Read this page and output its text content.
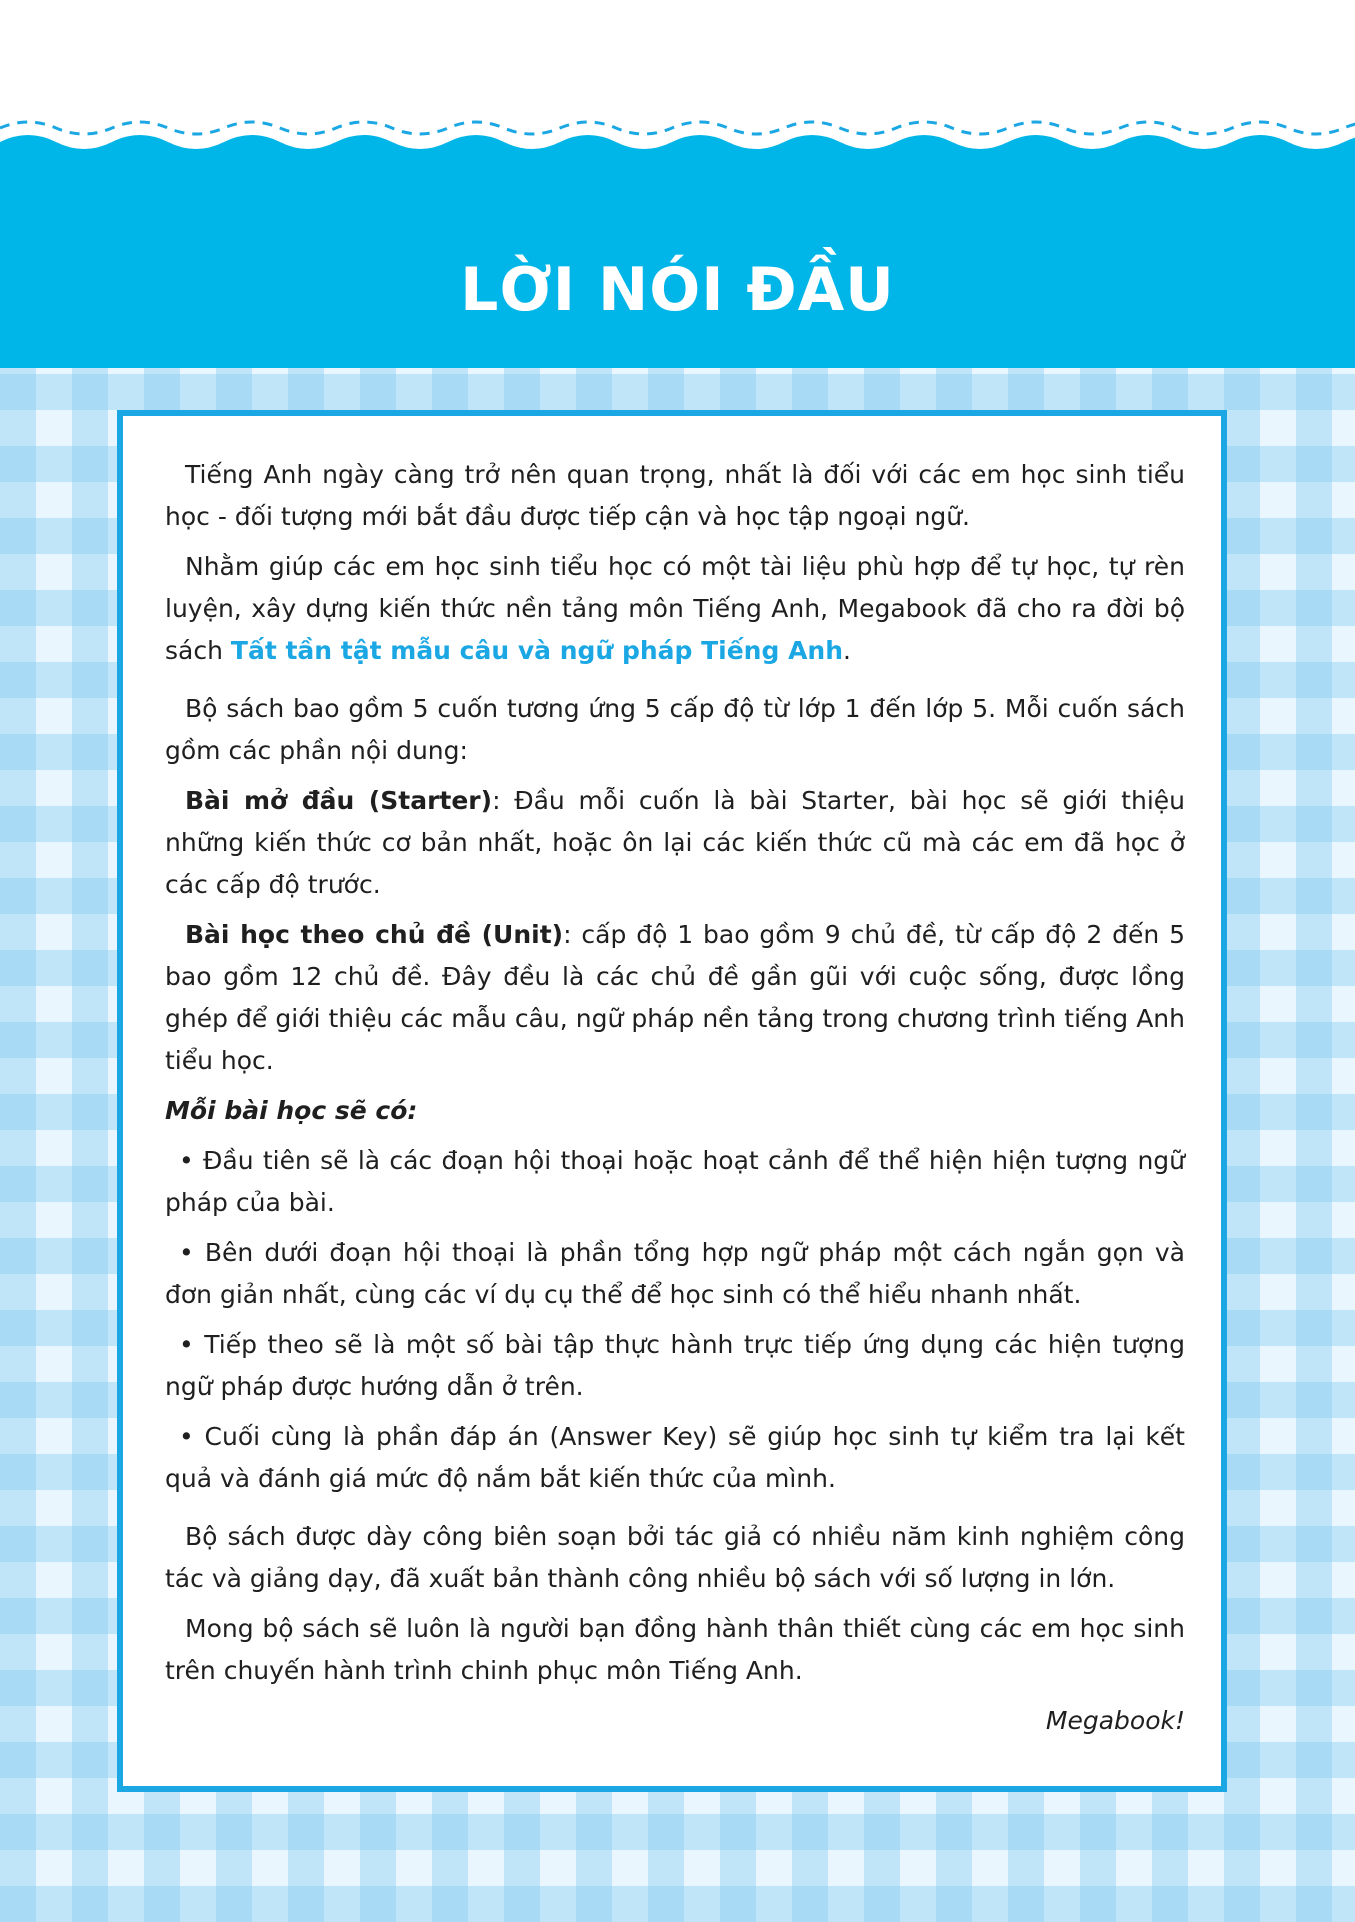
LỜI NÓI ĐẦU

Tiếng Anh ngày càng trở nên quan trọng, nhất là đối với các em học sinh tiểu học - đối tượng mới bắt đầu được tiếp cận và học tập ngoại ngữ.

Nhằm giúp các em học sinh tiểu học có một tài liệu phù hợp để tự học, tự rèn luyện, xây dựng kiến thức nền tảng môn Tiếng Anh, Megabook đã cho ra đời bộ sách Tất tần tật mẫu câu và ngữ pháp Tiếng Anh.

Bộ sách bao gồm 5 cuốn tương ứng 5 cấp độ từ lớp 1 đến lớp 5. Mỗi cuốn sách gồm các phần nội dung:

Bài mở đầu (Starter): Đầu mỗi cuốn là bài Starter, bài học sẽ giới thiệu những kiến thức cơ bản nhất, hoặc ôn lại các kiến thức cũ mà các em đã học ở các cấp độ trước.

Bài học theo chủ đề (Unit): cấp độ 1 bao gồm 9 chủ đề, từ cấp độ 2 đến 5 bao gồm 12 chủ đề. Đây đều là các chủ đề gần gũi với cuộc sống, được lồng ghép để giới thiệu các mẫu câu, ngữ pháp nền tảng trong chương trình tiếng Anh tiểu học.

Mỗi bài học sẽ có:

• Đầu tiên sẽ là các đoạn hội thoại hoặc hoạt cảnh để thể hiện hiện tượng ngữ pháp của bài.

• Bên dưới đoạn hội thoại là phần tổng hợp ngữ pháp một cách ngắn gọn và đơn giản nhất, cùng các ví dụ cụ thể để học sinh có thể hiểu nhanh nhất.

• Tiếp theo sẽ là một số bài tập thực hành trực tiếp ứng dụng các hiện tượng ngữ pháp được hướng dẫn ở trên.

• Cuối cùng là phần đáp án (Answer Key) sẽ giúp học sinh tự kiểm tra lại kết quả và đánh giá mức độ nắm bắt kiến thức của mình.

Bộ sách được dày công biên soạn bởi tác giả có nhiều năm kinh nghiệm công tác và giảng dạy, đã xuất bản thành công nhiều bộ sách với số lượng in lớn.

Mong bộ sách sẽ luôn là người bạn đồng hành thân thiết cùng các em học sinh trên chuyến hành trình chinh phục môn Tiếng Anh.

Megabook!
